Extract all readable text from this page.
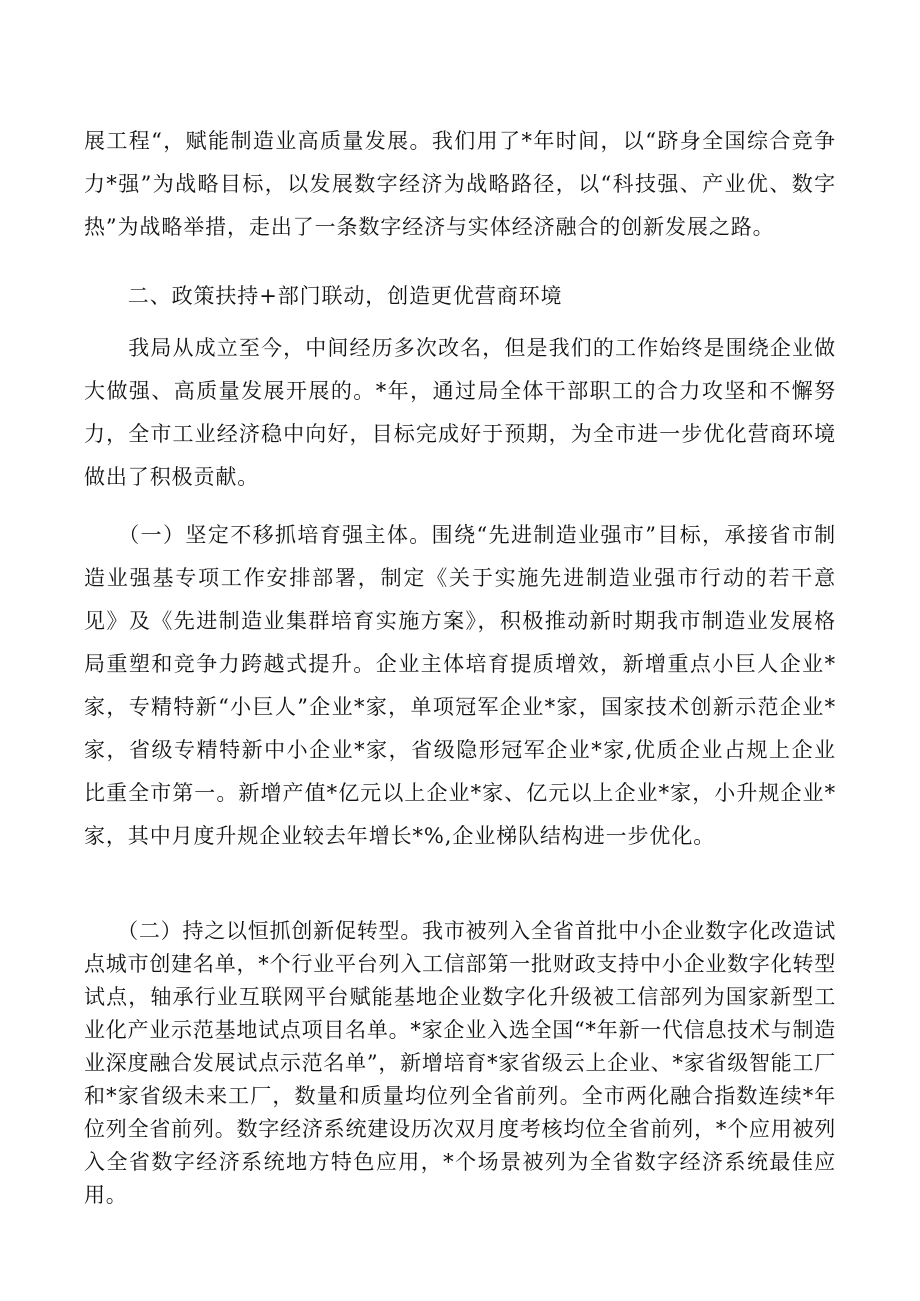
展工程“，赋能制造业高质量发展。我们用了*年时间，以“跻身全国综合竞争力*强”为战略目标，以发展数字经济为战略路径，以“科技强、产业优、数字热”为战略举措，走出了一条数字经济与实体经济融合的创新发展之路。

　　二、政策扶持+部门联动，创造更优营商环境

　　我局从成立至今，中间经历多次改名，但是我们的工作始终是围绕企业做大做强、高质量发展开展的。*年，通过局全体干部职工的合力攻坚和不懈努力，全市工业经济稳中向好，目标完成好于预期，为全市进一步优化营商环境做出了积极贡献。

　　（一）坚定不移抓培育强主体。围绕“先进制造业强市”目标，承接省市制造业强基专项工作安排部署，制定《关于实施先进制造业强市行动的若干意见》及《先进制造业集群培育实施方案》，积极推动新时期我市制造业发展格局重塑和竞争力跨越式提升。企业主体培育提质增效，新增重点小巨人企业*家，专精特新“小巨人”企业*家，单项冠军企业*家，国家技术创新示范企业*家，省级专精特新中小企业*家，省级隐形冠军企业*家,优质企业占规上企业比重全市第一。新增产值*亿元以上企业*家、亿元以上企业*家，小升规企业*家，其中月度升规企业较去年增长*%,企业梯队结构进一步优化。

　　（二）持之以恒抓创新促转型。我市被列入全省首批中小企业数字化改造试点城市创建名单，*个行业平台列入工信部第一批财政支持中小企业数字化转型试点，轴承行业互联网平台赋能基地企业数字化升级被工信部列为国家新型工业化产业示范基地试点项目名单。*家企业入选全国“*年新一代信息技术与制造业深度融合发展试点示范名单”，新增培育*家省级云上企业、*家省级智能工厂和*家省级未来工厂，数量和质量均位列全省前列。全市两化融合指数连续*年位列全省前列。数字经济系统建设历次双月度考核均位全省前列，*个应用被列入全省数字经济系统地方特色应用，*个场景被列为全省数字经济系统最佳应用。
